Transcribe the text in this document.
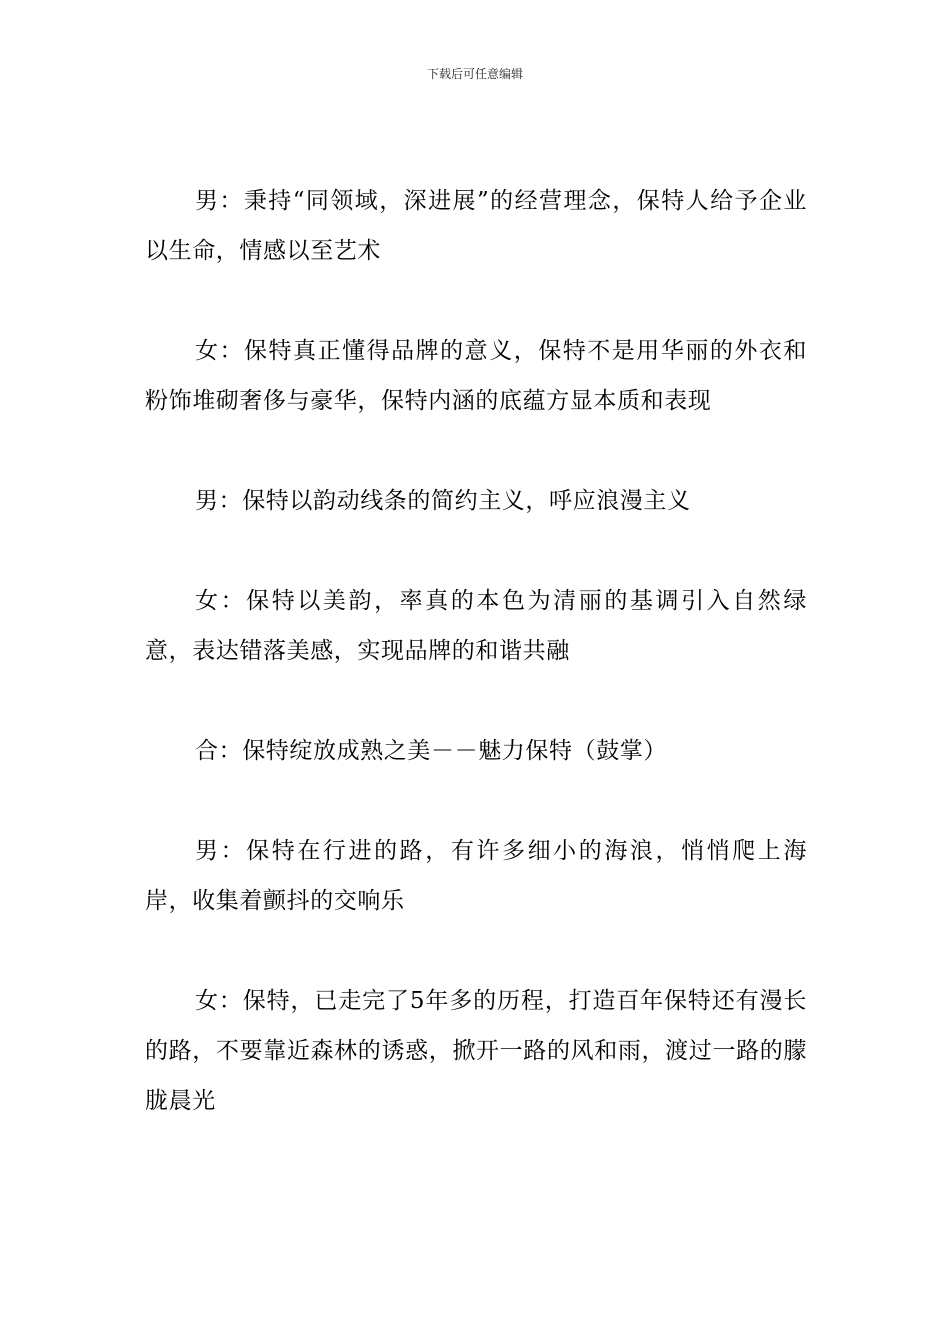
下载后可任意编辑

男：秉持“同领域，深进展”的经营理念，保特人给予企业以生命，情感以至艺术

女：保特真正懂得品牌的意义，保特不是用华丽的外衣和粉饰堆砌奢侈与豪华，保特内涵的底蕴方显本质和表现

男：保特以韵动线条的简约主义，呼应浪漫主义

女：保特以美韵，率真的本色为清丽的基调引入自然绿意，表达错落美感，实现品牌的和谐共融

合：保特绽放成熟之美－－魅力保特（鼓掌）

男：保特在行进的路，有许多细小的海浪，悄悄爬上海岸，收集着颤抖的交响乐

女：保特，已走完了5年多的历程，打造百年保特还有漫长的路，不要靠近森林的诱惑，掀开一路的风和雨，渡过一路的朦胧晨光
